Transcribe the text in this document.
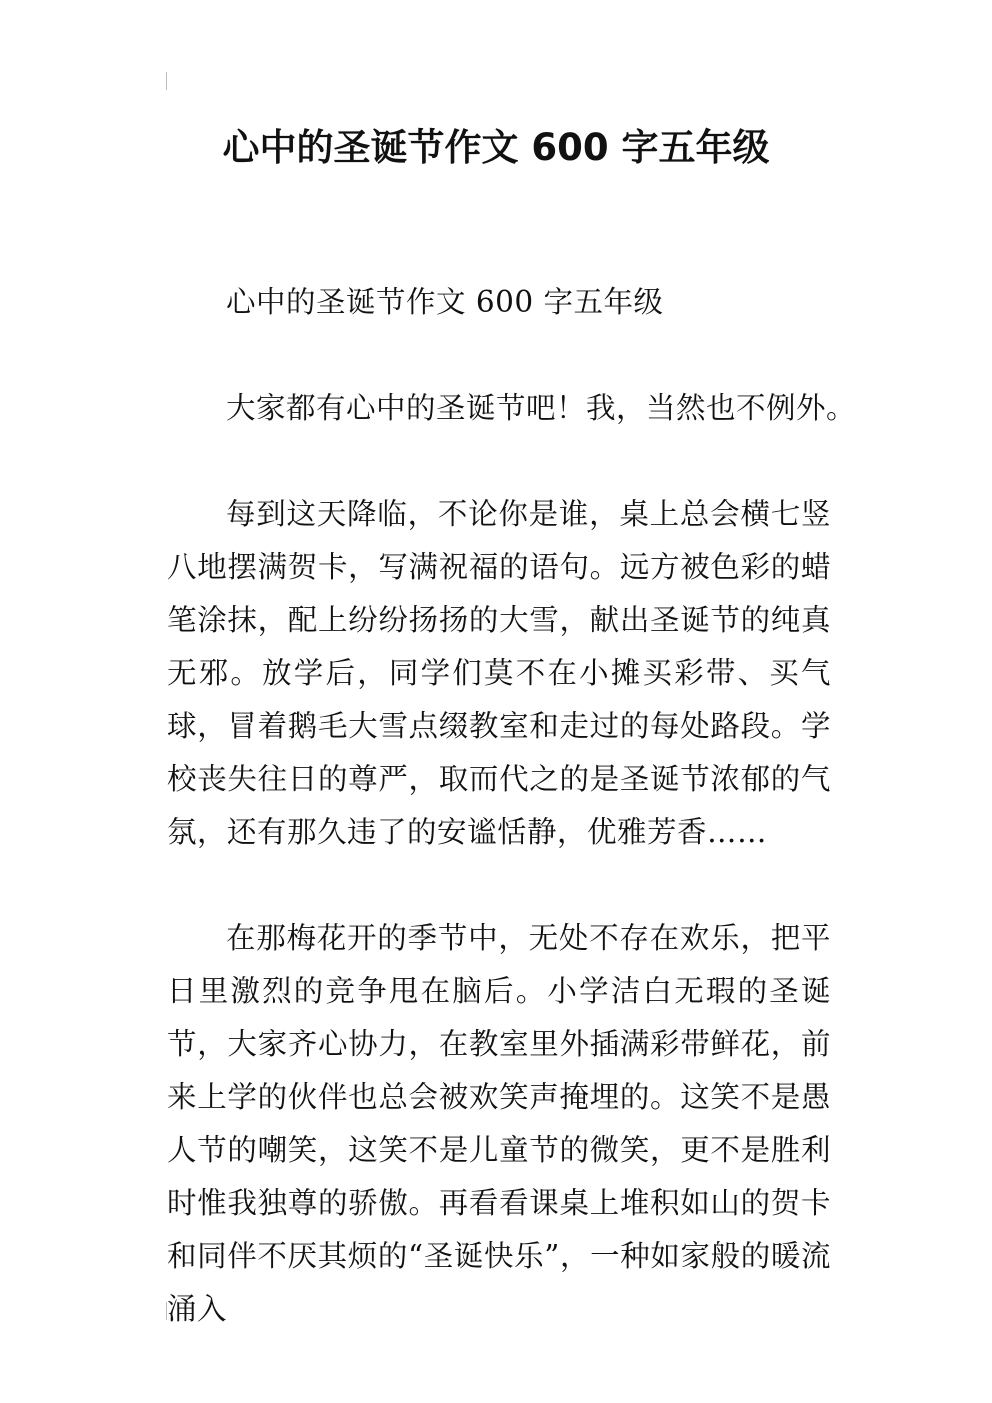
心中的圣诞节作文 600 字五年级

心中的圣诞节作文 600 字五年级

大家都有心中的圣诞节吧！我，当然也不例外。

每到这天降临，不论你是谁，桌上总会横七竖八地摆满贺卡，写满祝福的语句。远方被色彩的蜡笔涂抹，配上纷纷扬扬的大雪，献出圣诞节的纯真无邪。放学后，同学们莫不在小摊买彩带、买气球，冒着鹅毛大雪点缀教室和走过的每处路段。学校丧失往日的尊严，取而代之的是圣诞节浓郁的气氛，还有那久违了的安谧恬静，优雅芳香……

在那梅花开的季节中，无处不存在欢乐，把平日里激烈的竞争甩在脑后。小学洁白无瑕的圣诞节，大家齐心协力，在教室里外插满彩带鲜花，前来上学的伙伴也总会被欢笑声掩埋的。这笑不是愚人节的嘲笑，这笑不是儿童节的微笑，更不是胜利时惟我独尊的骄傲。再看看课桌上堆积如山的贺卡和同伴不厌其烦的“圣诞快乐”，一种如家般的暖流涌入
